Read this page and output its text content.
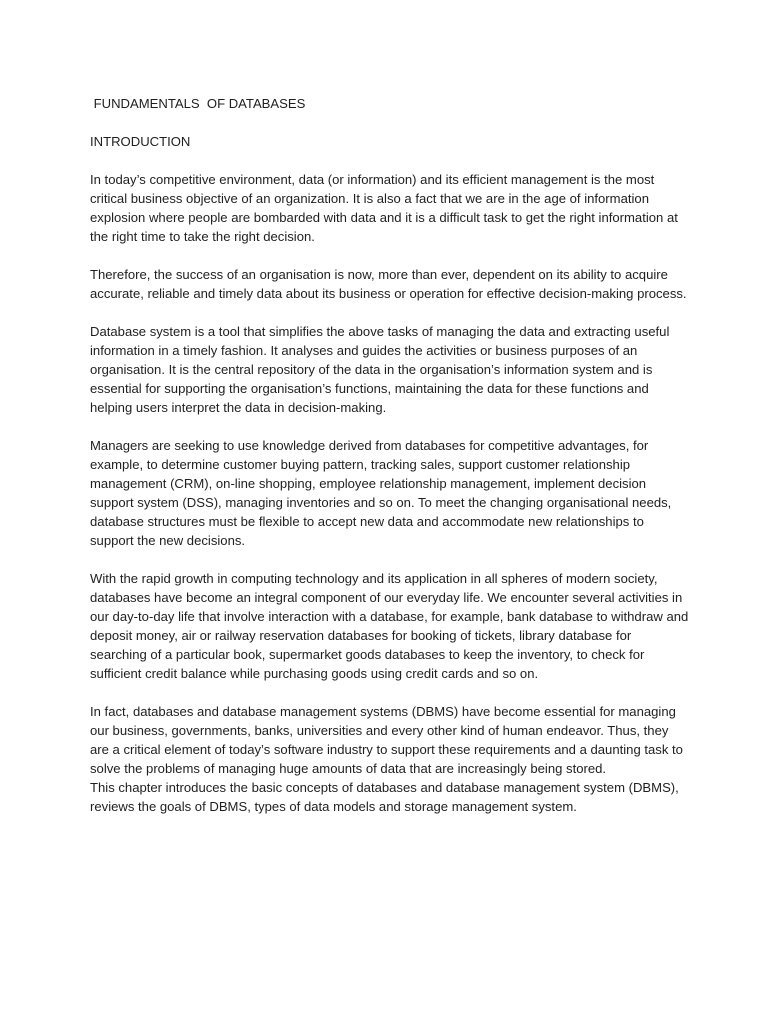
FUNDAMENTALS  OF DATABASES
INTRODUCTION

In today’s competitive environment, data (or information) and its efficient management is the most critical business objective of an organization. It is also a fact that we are in the age of information explosion where people are bombarded with data and it is a difficult task to get the right information at the right time to take the right decision.

Therefore, the success of an organisation is now, more than ever, dependent on its ability to acquire accurate, reliable and timely data about its business or operation for effective decision-making process.

Database system is a tool that simplifies the above tasks of managing the data and extracting useful information in a timely fashion. It analyses and guides the activities or business purposes of an organisation. It is the central repository of the data in the organisation’s information system and is essential for supporting the organisation’s functions, maintaining the data for these functions and helping users interpret the data in decision-making.

Managers are seeking to use knowledge derived from databases for competitive advantages, for example, to determine customer buying pattern, tracking sales, support customer relationship management (CRM), on-line shopping, employee relationship management, implement decision support system (DSS), managing inventories and so on. To meet the changing organisational needs, database structures must be flexible to accept new data and accommodate new relationships to support the new decisions.

With the rapid growth in computing technology and its application in all spheres of modern society, databases have become an integral component of our everyday life. We encounter several activities in our day-to-day life that involve interaction with a database, for example, bank database to withdraw and deposit money, air or railway reservation databases for booking of tickets, library database for searching of a particular book, supermarket goods databases to keep the inventory, to check for sufficient credit balance while purchasing goods using credit cards and so on.

In fact, databases and database management systems (DBMS) have become essential for managing our business, governments, banks, universities and every other kind of human endeavor. Thus, they are a critical element of today’s software industry to support these requirements and a daunting task to solve the problems of managing huge amounts of data that are increasingly being stored.

This chapter introduces the basic concepts of databases and database management system (DBMS), reviews the goals of DBMS, types of data models and storage management system.
